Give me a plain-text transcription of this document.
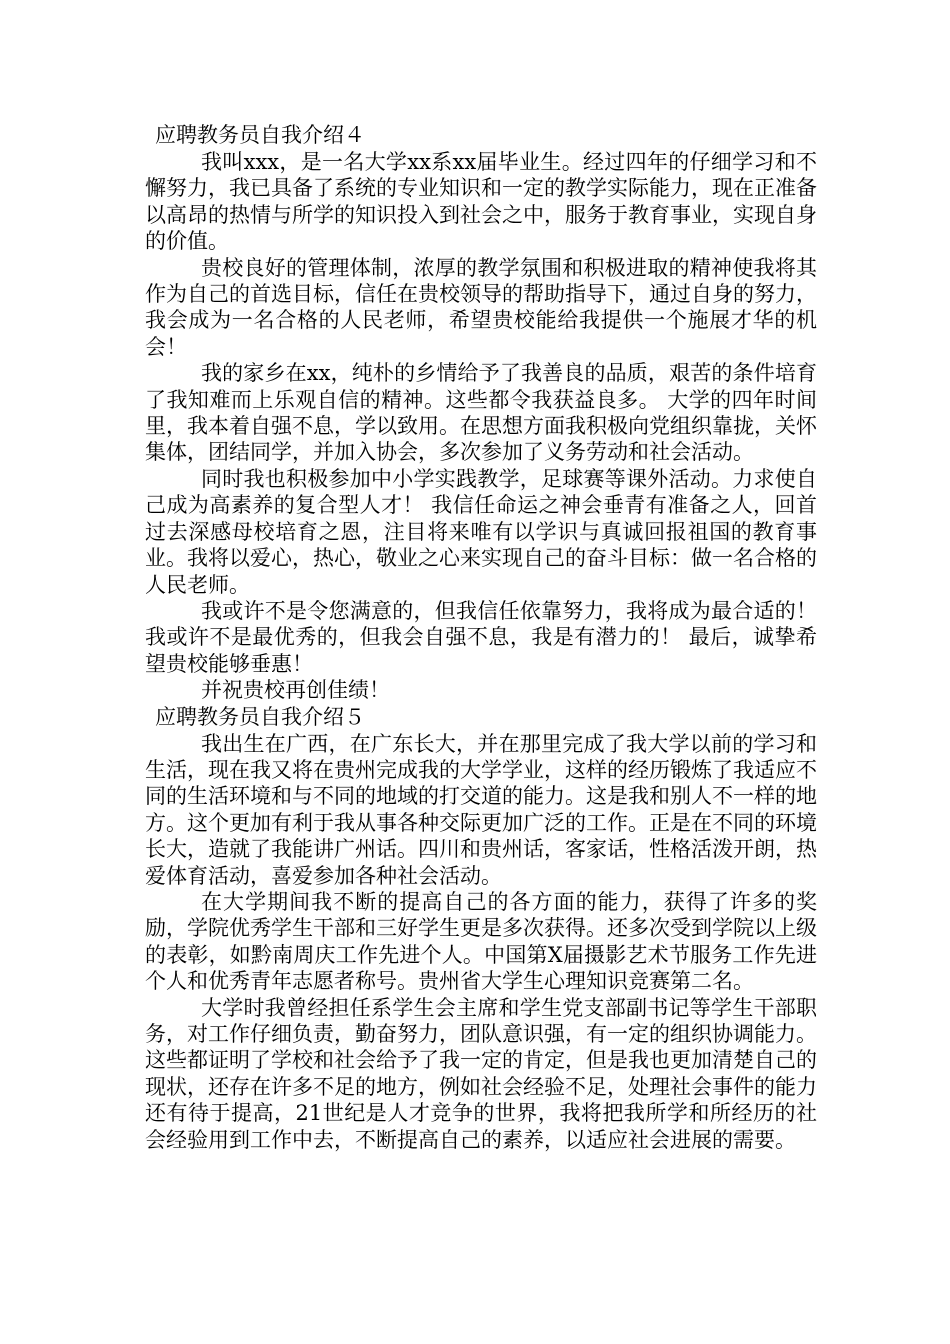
应聘教务员自我介绍４

我叫xxx，是一名大学xx系xx届毕业生。经过四年的仔细学习和不懈努力，我已具备了系统的专业知识和一定的教学实际能力，现在正准备以高昂的热情与所学的知识投入到社会之中，服务于教育事业，实现自身的价值。

贵校良好的管理体制，浓厚的教学氛围和积极进取的精神使我将其作为自己的首选目标，信任在贵校领导的帮助指导下，通过自身的努力，我会成为一名合格的人民老师，希望贵校能给我提供一个施展才华的机会！

我的家乡在xx，纯朴的乡情给予了我善良的品质，艰苦的条件培育了我知难而上乐观自信的精神。这些都令我获益良多。 大学的四年时间里，我本着自强不息，学以致用。在思想方面我积极向党组织靠拢，关怀集体，团结同学，并加入协会，多次参加了义务劳动和社会活动。

同时我也积极参加中小学实践教学，足球赛等课外活动。力求使自己成为高素养的复合型人才！ 我信任命运之神会垂青有准备之人，回首过去深感母校培育之恩，注目将来唯有以学识与真诚回报祖国的教育事业。我将以爱心，热心，敬业之心来实现自己的奋斗目标：做一名合格的人民老师。

我或许不是令您满意的，但我信任依靠努力，我将成为最合适的！ 我或许不是最优秀的，但我会自强不息，我是有潜力的！ 最后，诚挚希望贵校能够垂惠！

并祝贵校再创佳绩！

应聘教务员自我介绍５

我出生在广西，在广东长大，并在那里完成了我大学以前的学习和生活，现在我又将在贵州完成我的大学学业，这样的经历锻炼了我适应不同的生活环境和与不同的地域的打交道的能力。这是我和别人不一样的地方。这个更加有利于我从事各种交际更加广泛的工作。正是在不同的环境长大，造就了我能讲广州话。四川和贵州话，客家话，性格活泼开朗，热爱体育活动，喜爱参加各种社会活动。

在大学期间我不断的提高自己的各方面的能力，获得了许多的奖励，学院优秀学生干部和三好学生更是多次获得。还多次受到学院以上级的表彰，如黔南周庆工作先进个人。中国第X届摄影艺术节服务工作先进个人和优秀青年志愿者称号。贵州省大学生心理知识竞赛第二名。

大学时我曾经担任系学生会主席和学生党支部副书记等学生干部职务，对工作仔细负责，勤奋努力，团队意识强，有一定的组织协调能力。这些都证明了学校和社会给予了我一定的肯定，但是我也更加清楚自己的现状，还存在许多不足的地方，例如社会经验不足，处理社会事件的能力还有待于提高，21世纪是人才竞争的世界，我将把我所学和所经历的社会经验用到工作中去，不断提高自己的素养，以适应社会进展的需要。
